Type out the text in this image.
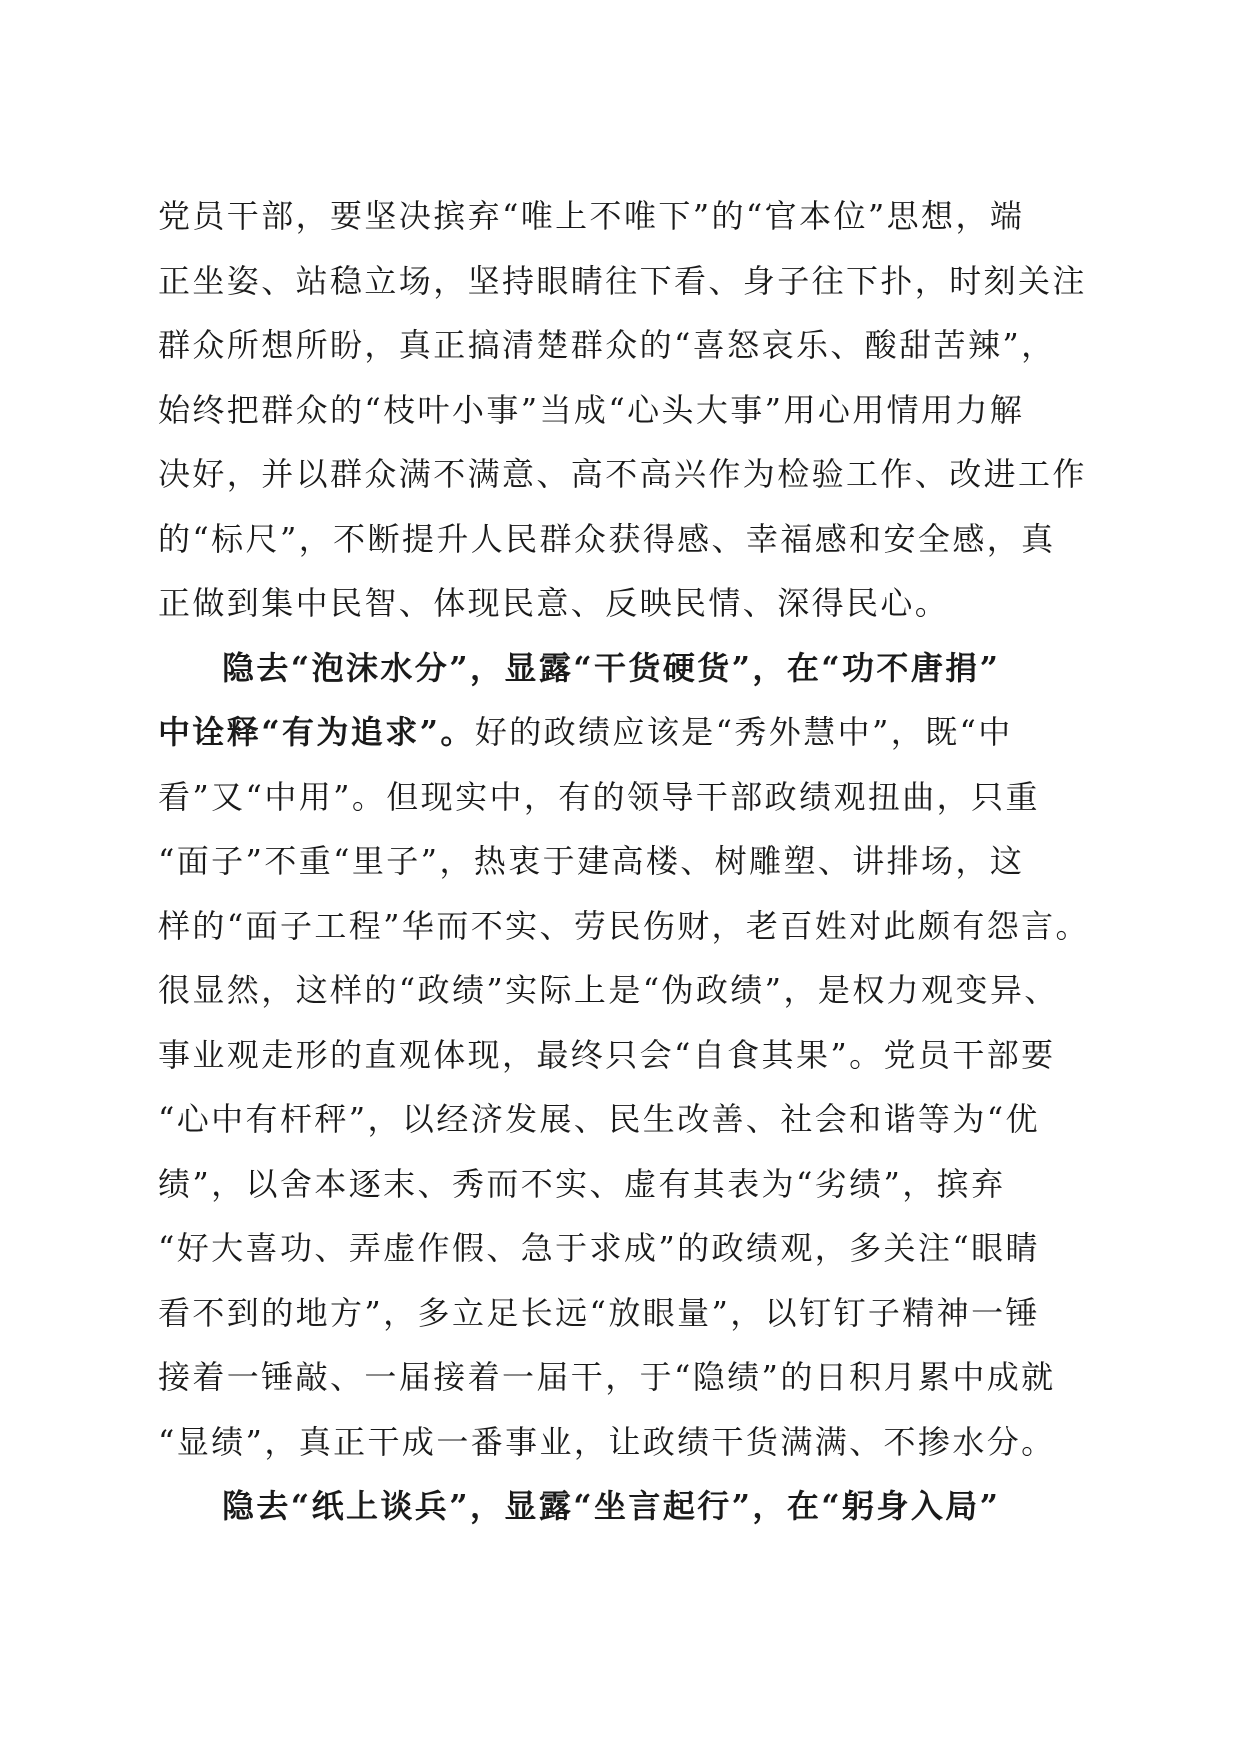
党员干部，要坚决摈弃“唯上不唯下”的“官本位”思想，端
正坐姿、站稳立场，坚持眼睛往下看、身子往下扑，时刻关注
群众所想所盼，真正搞清楚群众的“喜怒哀乐、酸甜苦辣”，
始终把群众的“枝叶小事”当成“心头大事”用心用情用力解
决好，并以群众满不满意、高不高兴作为检验工作、改进工作
的“标尺”，不断提升人民群众获得感、幸福感和安全感，真
正做到集中民智、体现民意、反映民情、深得民心。
隐去“泡沫水分”，显露“干货硬货”，在“功不唐捐”
中诠释“有为追求”。好的政绩应该是“秀外慧中”，既“中
看”又“中用”。但现实中，有的领导干部政绩观扭曲，只重
“面子”不重“里子”，热衷于建高楼、树雕塑、讲排场，这
样的“面子工程”华而不实、劳民伤财，老百姓对此颇有怨言。
很显然，这样的“政绩”实际上是“伪政绩”，是权力观变异、
事业观走形的直观体现，最终只会“自食其果”。党员干部要
“心中有杆秤”，以经济发展、民生改善、社会和谐等为“优
绩”，以舍本逐末、秀而不实、虚有其表为“劣绩”，摈弃
“好大喜功、弄虚作假、急于求成”的政绩观，多关注“眼睛
看不到的地方”，多立足长远“放眼量”，以钉钉子精神一锤
接着一锤敲、一届接着一届干，于“隐绩”的日积月累中成就
“显绩”，真正干成一番事业，让政绩干货满满、不掺水分。
隐去“纸上谈兵”，显露“坐言起行”，在“躬身入局”
